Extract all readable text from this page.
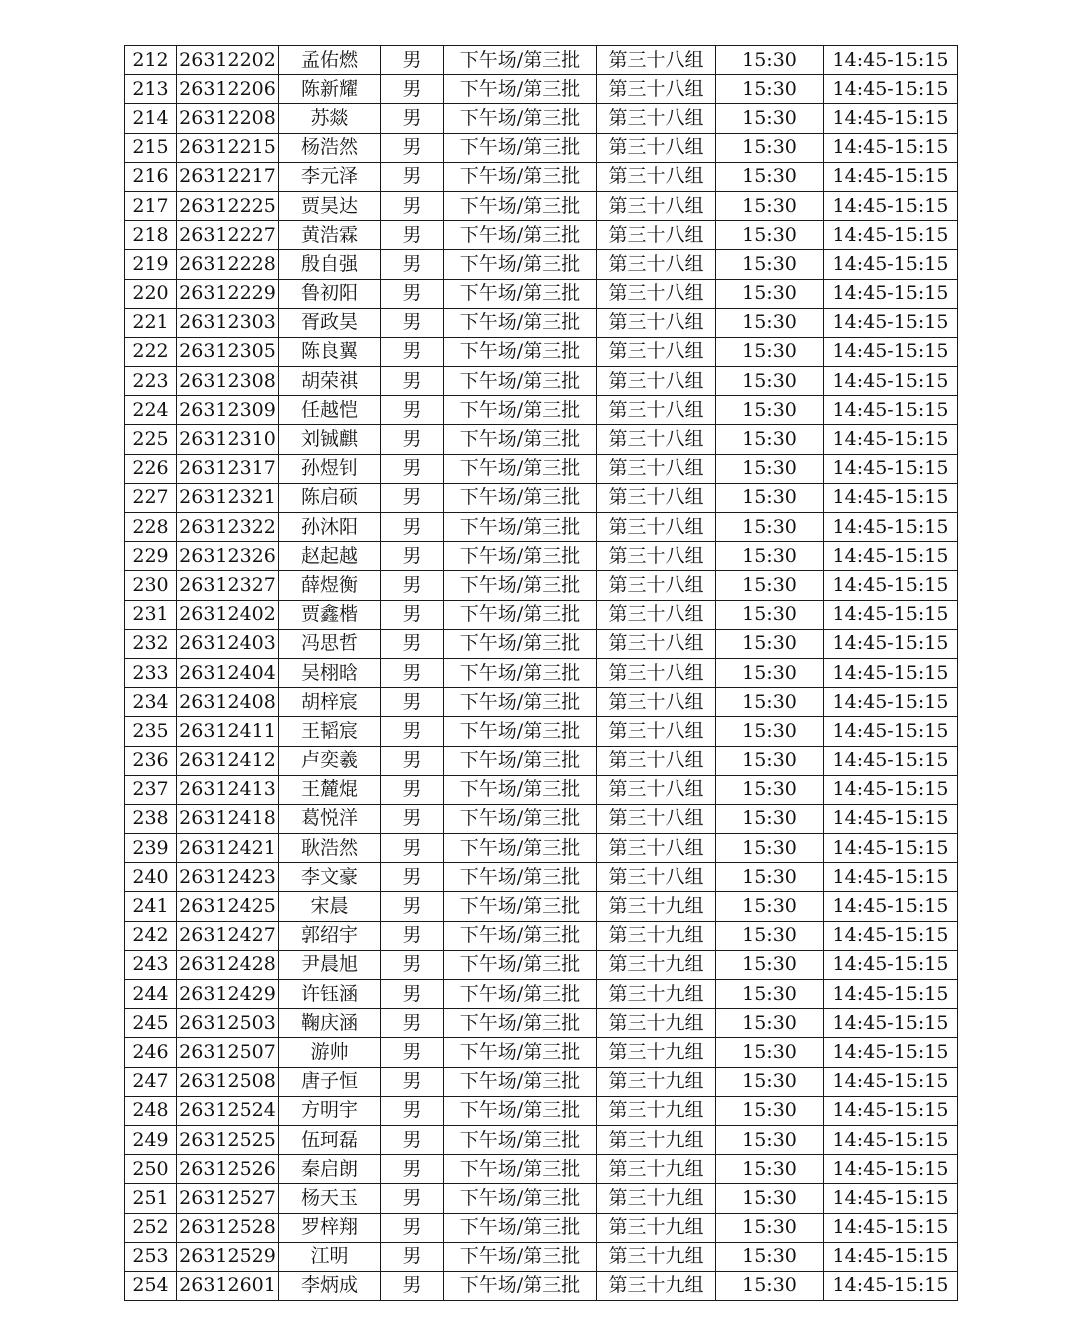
212	26312202	孟佑燃	男	下午场/第三批	第三十八组	15:30	14:45-15:15
213	26312206	陈新耀	男	下午场/第三批	第三十八组	15:30	14:45-15:15
214	26312208	苏燚	男	下午场/第三批	第三十八组	15:30	14:45-15:15
215	26312215	杨浩然	男	下午场/第三批	第三十八组	15:30	14:45-15:15
216	26312217	李元泽	男	下午场/第三批	第三十八组	15:30	14:45-15:15
217	26312225	贾昊达	男	下午场/第三批	第三十八组	15:30	14:45-15:15
218	26312227	黄浩霖	男	下午场/第三批	第三十八组	15:30	14:45-15:15
219	26312228	殷自强	男	下午场/第三批	第三十八组	15:30	14:45-15:15
220	26312229	鲁初阳	男	下午场/第三批	第三十八组	15:30	14:45-15:15
221	26312303	胥政昊	男	下午场/第三批	第三十八组	15:30	14:45-15:15
222	26312305	陈良翼	男	下午场/第三批	第三十八组	15:30	14:45-15:15
223	26312308	胡荣祺	男	下午场/第三批	第三十八组	15:30	14:45-15:15
224	26312309	任越恺	男	下午场/第三批	第三十八组	15:30	14:45-15:15
225	26312310	刘铖麒	男	下午场/第三批	第三十八组	15:30	14:45-15:15
226	26312317	孙煜钊	男	下午场/第三批	第三十八组	15:30	14:45-15:15
227	26312321	陈启硕	男	下午场/第三批	第三十八组	15:30	14:45-15:15
228	26312322	孙沐阳	男	下午场/第三批	第三十八组	15:30	14:45-15:15
229	26312326	赵起越	男	下午场/第三批	第三十八组	15:30	14:45-15:15
230	26312327	薛煜衡	男	下午场/第三批	第三十八组	15:30	14:45-15:15
231	26312402	贾鑫楷	男	下午场/第三批	第三十八组	15:30	14:45-15:15
232	26312403	冯思哲	男	下午场/第三批	第三十八组	15:30	14:45-15:15
233	26312404	吴栩晗	男	下午场/第三批	第三十八组	15:30	14:45-15:15
234	26312408	胡梓宸	男	下午场/第三批	第三十八组	15:30	14:45-15:15
235	26312411	王韬宸	男	下午场/第三批	第三十八组	15:30	14:45-15:15
236	26312412	卢奕羲	男	下午场/第三批	第三十八组	15:30	14:45-15:15
237	26312413	王麓焜	男	下午场/第三批	第三十八组	15:30	14:45-15:15
238	26312418	葛悦洋	男	下午场/第三批	第三十八组	15:30	14:45-15:15
239	26312421	耿浩然	男	下午场/第三批	第三十八组	15:30	14:45-15:15
240	26312423	李文豪	男	下午场/第三批	第三十八组	15:30	14:45-15:15
241	26312425	宋晨	男	下午场/第三批	第三十九组	15:30	14:45-15:15
242	26312427	郭绍宇	男	下午场/第三批	第三十九组	15:30	14:45-15:15
243	26312428	尹晨旭	男	下午场/第三批	第三十九组	15:30	14:45-15:15
244	26312429	许钰涵	男	下午场/第三批	第三十九组	15:30	14:45-15:15
245	26312503	鞠庆涵	男	下午场/第三批	第三十九组	15:30	14:45-15:15
246	26312507	游帅	男	下午场/第三批	第三十九组	15:30	14:45-15:15
247	26312508	唐子恒	男	下午场/第三批	第三十九组	15:30	14:45-15:15
248	26312524	方明宇	男	下午场/第三批	第三十九组	15:30	14:45-15:15
249	26312525	伍珂磊	男	下午场/第三批	第三十九组	15:30	14:45-15:15
250	26312526	秦启朗	男	下午场/第三批	第三十九组	15:30	14:45-15:15
251	26312527	杨天玉	男	下午场/第三批	第三十九组	15:30	14:45-15:15
252	26312528	罗梓翔	男	下午场/第三批	第三十九组	15:30	14:45-15:15
253	26312529	江明	男	下午场/第三批	第三十九组	15:30	14:45-15:15
254	26312601	李炳成	男	下午场/第三批	第三十九组	15:30	14:45-15:15
